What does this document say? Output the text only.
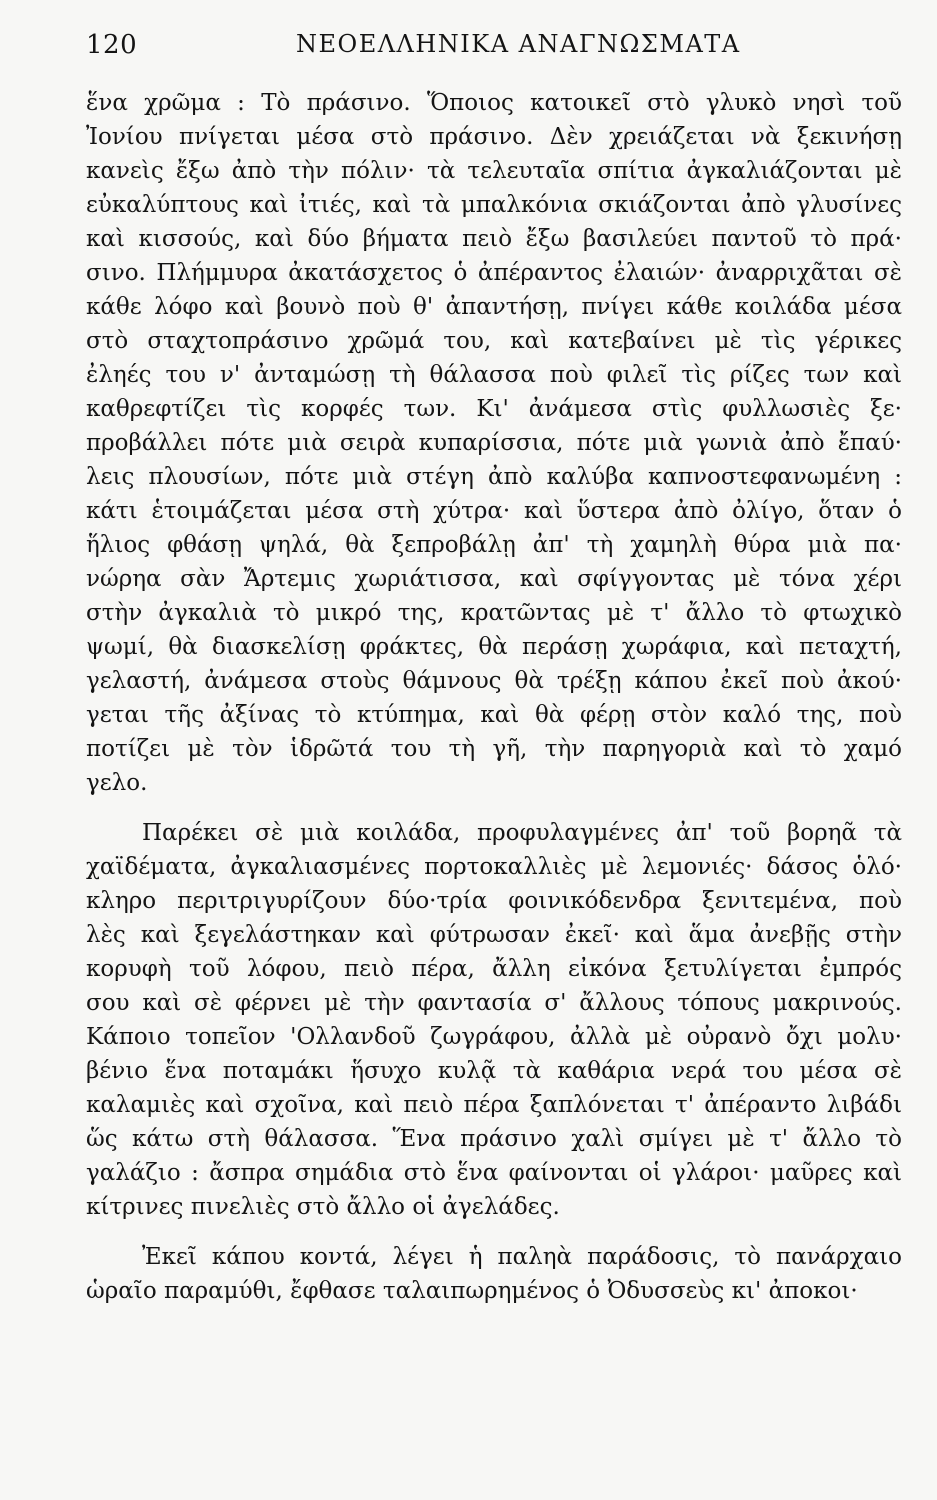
120	ΝΕΟΕΛΛΗΝΙΚΑ ΑΝΑΓΝΩΣΜΑΤΑ
ἕνα χρῶμα : Τὸ πράσινο. Ὅποιος κατοικεῖ στὸ γλυκὸ νησὶ τοῦ
Ἰονίου πνίγεται μέσα στὸ πράσινο. Δὲν χρειάζεται νὰ ξεκινήσῃ
κανεὶς ἔξω ἀπὸ τὴν πόλιν· τὰ τελευταῖα σπίτια ἀγκαλιάζονται μὲ
εὐκαλύπτους καὶ ἰτιές, καὶ τὰ μπαλκόνια σκιάζονται ἀπὸ γλυσίνες
καὶ κισσούς, καὶ δύο βήματα πειὸ ἔξω βασιλεύει παντοῦ τὸ πρά·
σινο. Πλήμμυρα ἀκατάσχετος ὁ ἀπέραντος ἐλαιών· ἀναρριχᾶται σὲ
κάθε λόφο καὶ βουνὸ ποὺ θ' ἀπαντήσῃ, πνίγει κάθε κοιλάδα μέσα
στὸ σταχτοπράσινο χρῶμά του, καὶ κατεβαίνει μὲ τὶς γέρικες
ἐληές του ν' ἀνταμώσῃ τὴ θάλασσα ποὺ φιλεῖ τὶς ρίζες των καὶ
καθρεφτίζει τὶς κορφές των. Κι' ἀνάμεσα στὶς φυλλωσιὲς ξε·
προβάλλει πότε μιὰ σειρὰ κυπαρίσσια, πότε μιὰ γωνιὰ ἀπὸ ἔπαύ·
λεις πλουσίων, πότε μιὰ στέγη ἀπὸ καλύβα καπνοστεφανωμένη :
κάτι ἑτοιμάζεται μέσα στὴ χύτρα· καὶ ὕστερα ἀπὸ ὀλίγο, ὅταν ὁ
ἥλιος φθάσῃ ψηλά, θὰ ξεπροβάλῃ ἀπ' τὴ χαμηλὴ θύρα μιὰ πα·
νώρηα σὰν Ἄρτεμις χωριάτισσα, καὶ σφίγγοντας μὲ τόνα χέρι
στὴν ἀγκαλιὰ τὸ μικρό της, κρατῶντας μὲ τ' ἄλλο τὸ φτωχικὸ
ψωμί, θὰ διασκελίσῃ φράκτες, θὰ περάσῃ χωράφια, καὶ πεταχτή,
γελαστή, ἀνάμεσα στοὺς θάμνους θὰ τρέξῃ κάπου ἐκεῖ ποὺ ἀκού·
γεται τῆς ἀξίνας τὸ κτύπημα, καὶ θὰ φέρῃ στὸν καλό της, ποὺ
ποτίζει μὲ τὸν ἱδρῶτά του τὴ γῆ, τὴν παρηγοριὰ καὶ τὸ χαμό
γελο.
Παρέκει σὲ μιὰ κοιλάδα, προφυλαγμένες ἀπ' τοῦ βορηᾶ τὰ
χαϊδέματα, ἀγκαλιασμένες πορτοκαλλιὲς μὲ λεμονιές· δάσος ὁλό·
κληρο περιτριγυρίζουν δύο·τρία φοινικόδενδρα ξενιτεμένα, ποὺ
λὲς καὶ ξεγελάστηκαν καὶ φύτρωσαν ἐκεῖ· καὶ ἅμα ἀνεβῇς στὴν
κορυφὴ τοῦ λόφου, πειὸ πέρα, ἄλλη εἰκόνα ξετυλίγεται ἐμπρός
σου καὶ σὲ φέρνει μὲ τὴν φαντασία σ' ἄλλους τόπους μακρινούς.
Κάποιο τοπεῖον 'Ολλανδοῦ ζωγράφου, ἀλλὰ μὲ οὐρανὸ ὄχι μολυ·
βένιο ἕνα ποταμάκι ἥσυχο κυλᾷ τὰ καθάρια νερά του μέσα σὲ
καλαμιὲς καὶ σχοῖνα, καὶ πειὸ πέρα ξαπλόνεται τ' ἀπέραντο λιβάδι
ὥς κάτω στὴ θάλασσα. Ἕνα πράσινο χαλὶ σμίγει μὲ τ' ἄλλο τὸ
γαλάζιο : ἄσπρα σημάδια στὸ ἕνα φαίνονται οἱ γλάροι· μαῦρες καὶ
κίτρινες πινελιὲς στὸ ἄλλο οἱ ἀγελάδες.
Ἐκεῖ κάπου κοντά, λέγει ἡ παληὰ παράδοσις, τὸ πανάρχαιο
ὡραῖο παραμύθι, ἔφθασε ταλαιπωρημένος ὁ Ὀδυσσεὺς κι' ἀποκοι·
